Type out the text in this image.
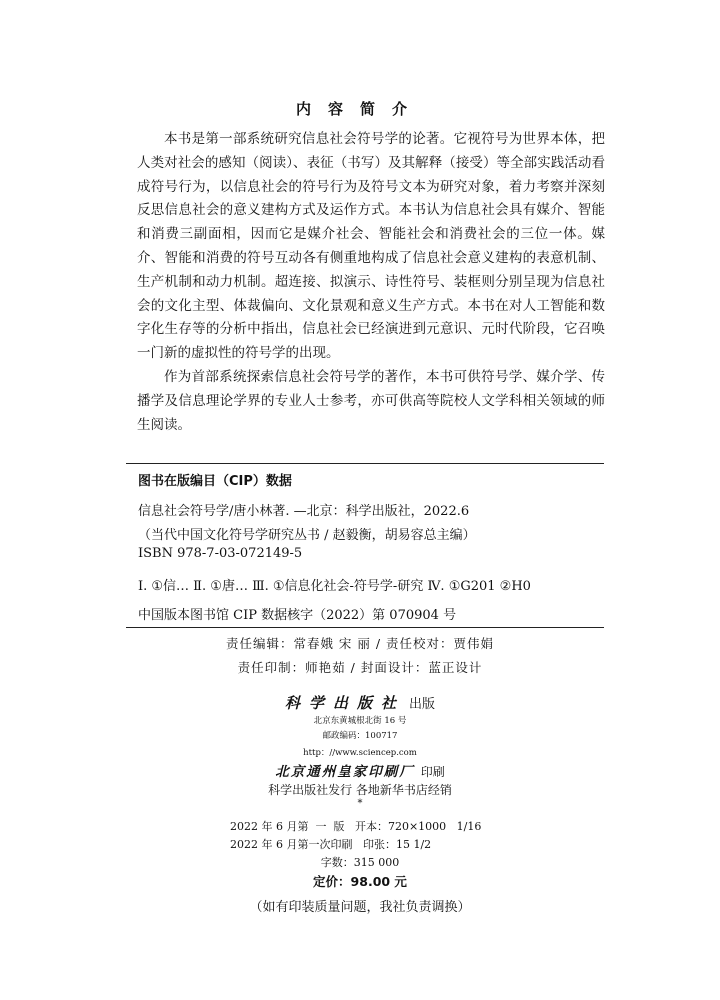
内容简介

本书是第一部系统研究信息社会符号学的论著。它视符号为世界本体，把人类对社会的感知（阅读）、表征（书写）及其解释（接受）等全部实践活动看成符号行为，以信息社会的符号行为及符号文本为研究对象，着力考察并深刻反思信息社会的意义建构方式及运作方式。本书认为信息社会具有媒介、智能和消费三副面相，因而它是媒介社会、智能社会和消费社会的三位一体。媒介、智能和消费的符号互动各有侧重地构成了信息社会意义建构的表意机制、生产机制和动力机制。超连接、拟演示、诗性符号、装框则分别呈现为信息社会的文化主型、体裁偏向、文化景观和意义生产方式。本书在对人工智能和数字化生存等的分析中指出，信息社会已经演进到元意识、元时代阶段，它召唤一门新的虚拟性的符号学的出现。

作为首部系统探索信息社会符号学的著作，本书可供符号学、媒介学、传播学及信息理论学界的专业人士参考，亦可供高等院校人文学科相关领域的师生阅读。

图书在版编目（CIP）数据
信息社会符号学/唐小林著. —北京：科学出版社，2022.6
（当代中国文化符号学研究丛书 / 赵毅衡，胡易容总主编）
ISBN 978-7-03-072149-5
Ⅰ. ①信… Ⅱ. ①唐… Ⅲ. ①信息化社会-符号学-研究 Ⅳ. ①G201 ②H0
中国版本图书馆 CIP 数据核字（2022）第 070904 号
责任编辑：常春娥 宋 丽 / 责任校对：贾伟娟
责任印制：师艳茹 / 封面设计：蓝正设计
科学出版社 出版
北京东黄城根北街 16 号
邮政编码：100717
http：//www.sciencep.com
北京通州皇家印刷厂 印刷
科学出版社发行 各地新华书店经销
*
2022 年 6 月第  一  版   开本：720×1000   1/16
2022 年 6 月第一次印刷   印张：15 1/2
字数：315 000
定价：98.00 元
（如有印装质量问题，我社负责调换）
